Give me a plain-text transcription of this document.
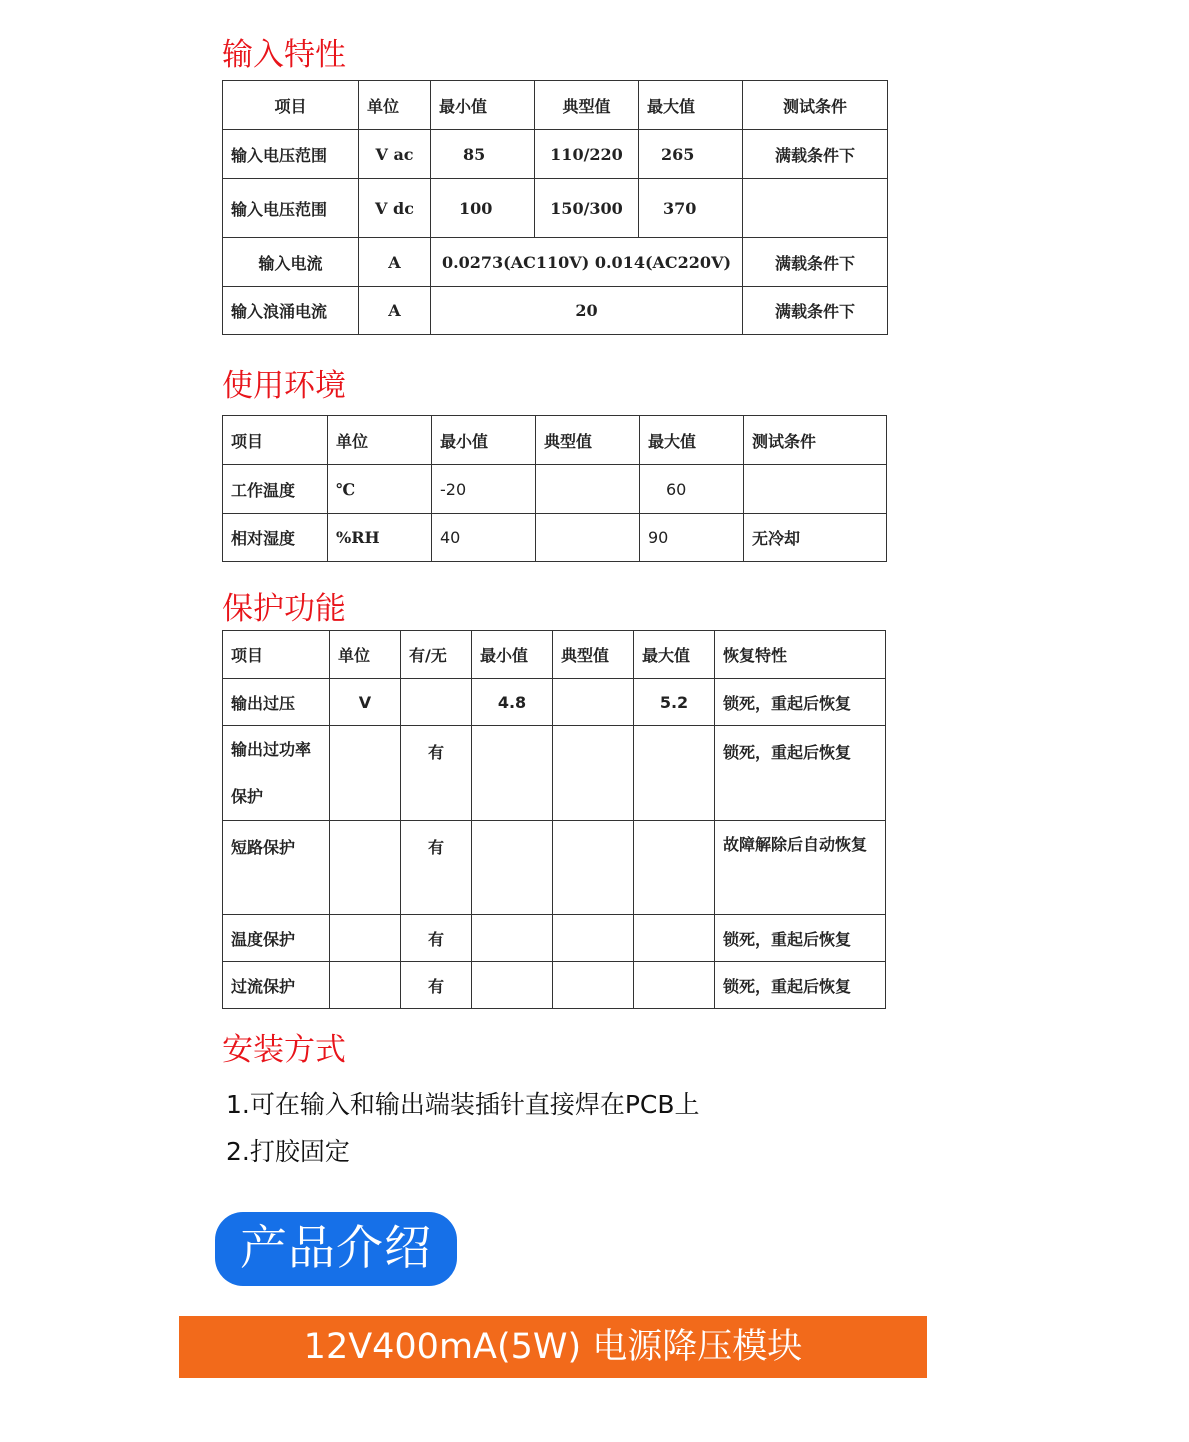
输入特性
项目	单位	最小值	典型值	最大值	测试条件
输入电压范围	V ac	85	110/220	265	满载条件下
输入电压范围	V dc	100	150/300	370	
输入电流	A	0.0273(AC110V) 0.014(AC220V)			满载条件下
输入浪涌电流	A	20			满载条件下
使用环境
项目	单位	最小值	典型值	最大值	测试条件
工作温度	℃	-20		60	
相对湿度	%RH	40		90	无冷却
保护功能
项目	单位	有/无	最小值	典型值	最大值	恢复特性
输出过压	V		4.8		5.2	锁死，重起后恢复
输出过功率保护		有				锁死，重起后恢复
短路保护		有				故障解除后自动恢复
温度保护		有				锁死，重起后恢复
过流保护		有				锁死，重起后恢复
安装方式

1.可在输入和输出端装插针直接焊在PCB上

2.打胶固定

产品介绍
12V400mA(5W) 电源降压模块
